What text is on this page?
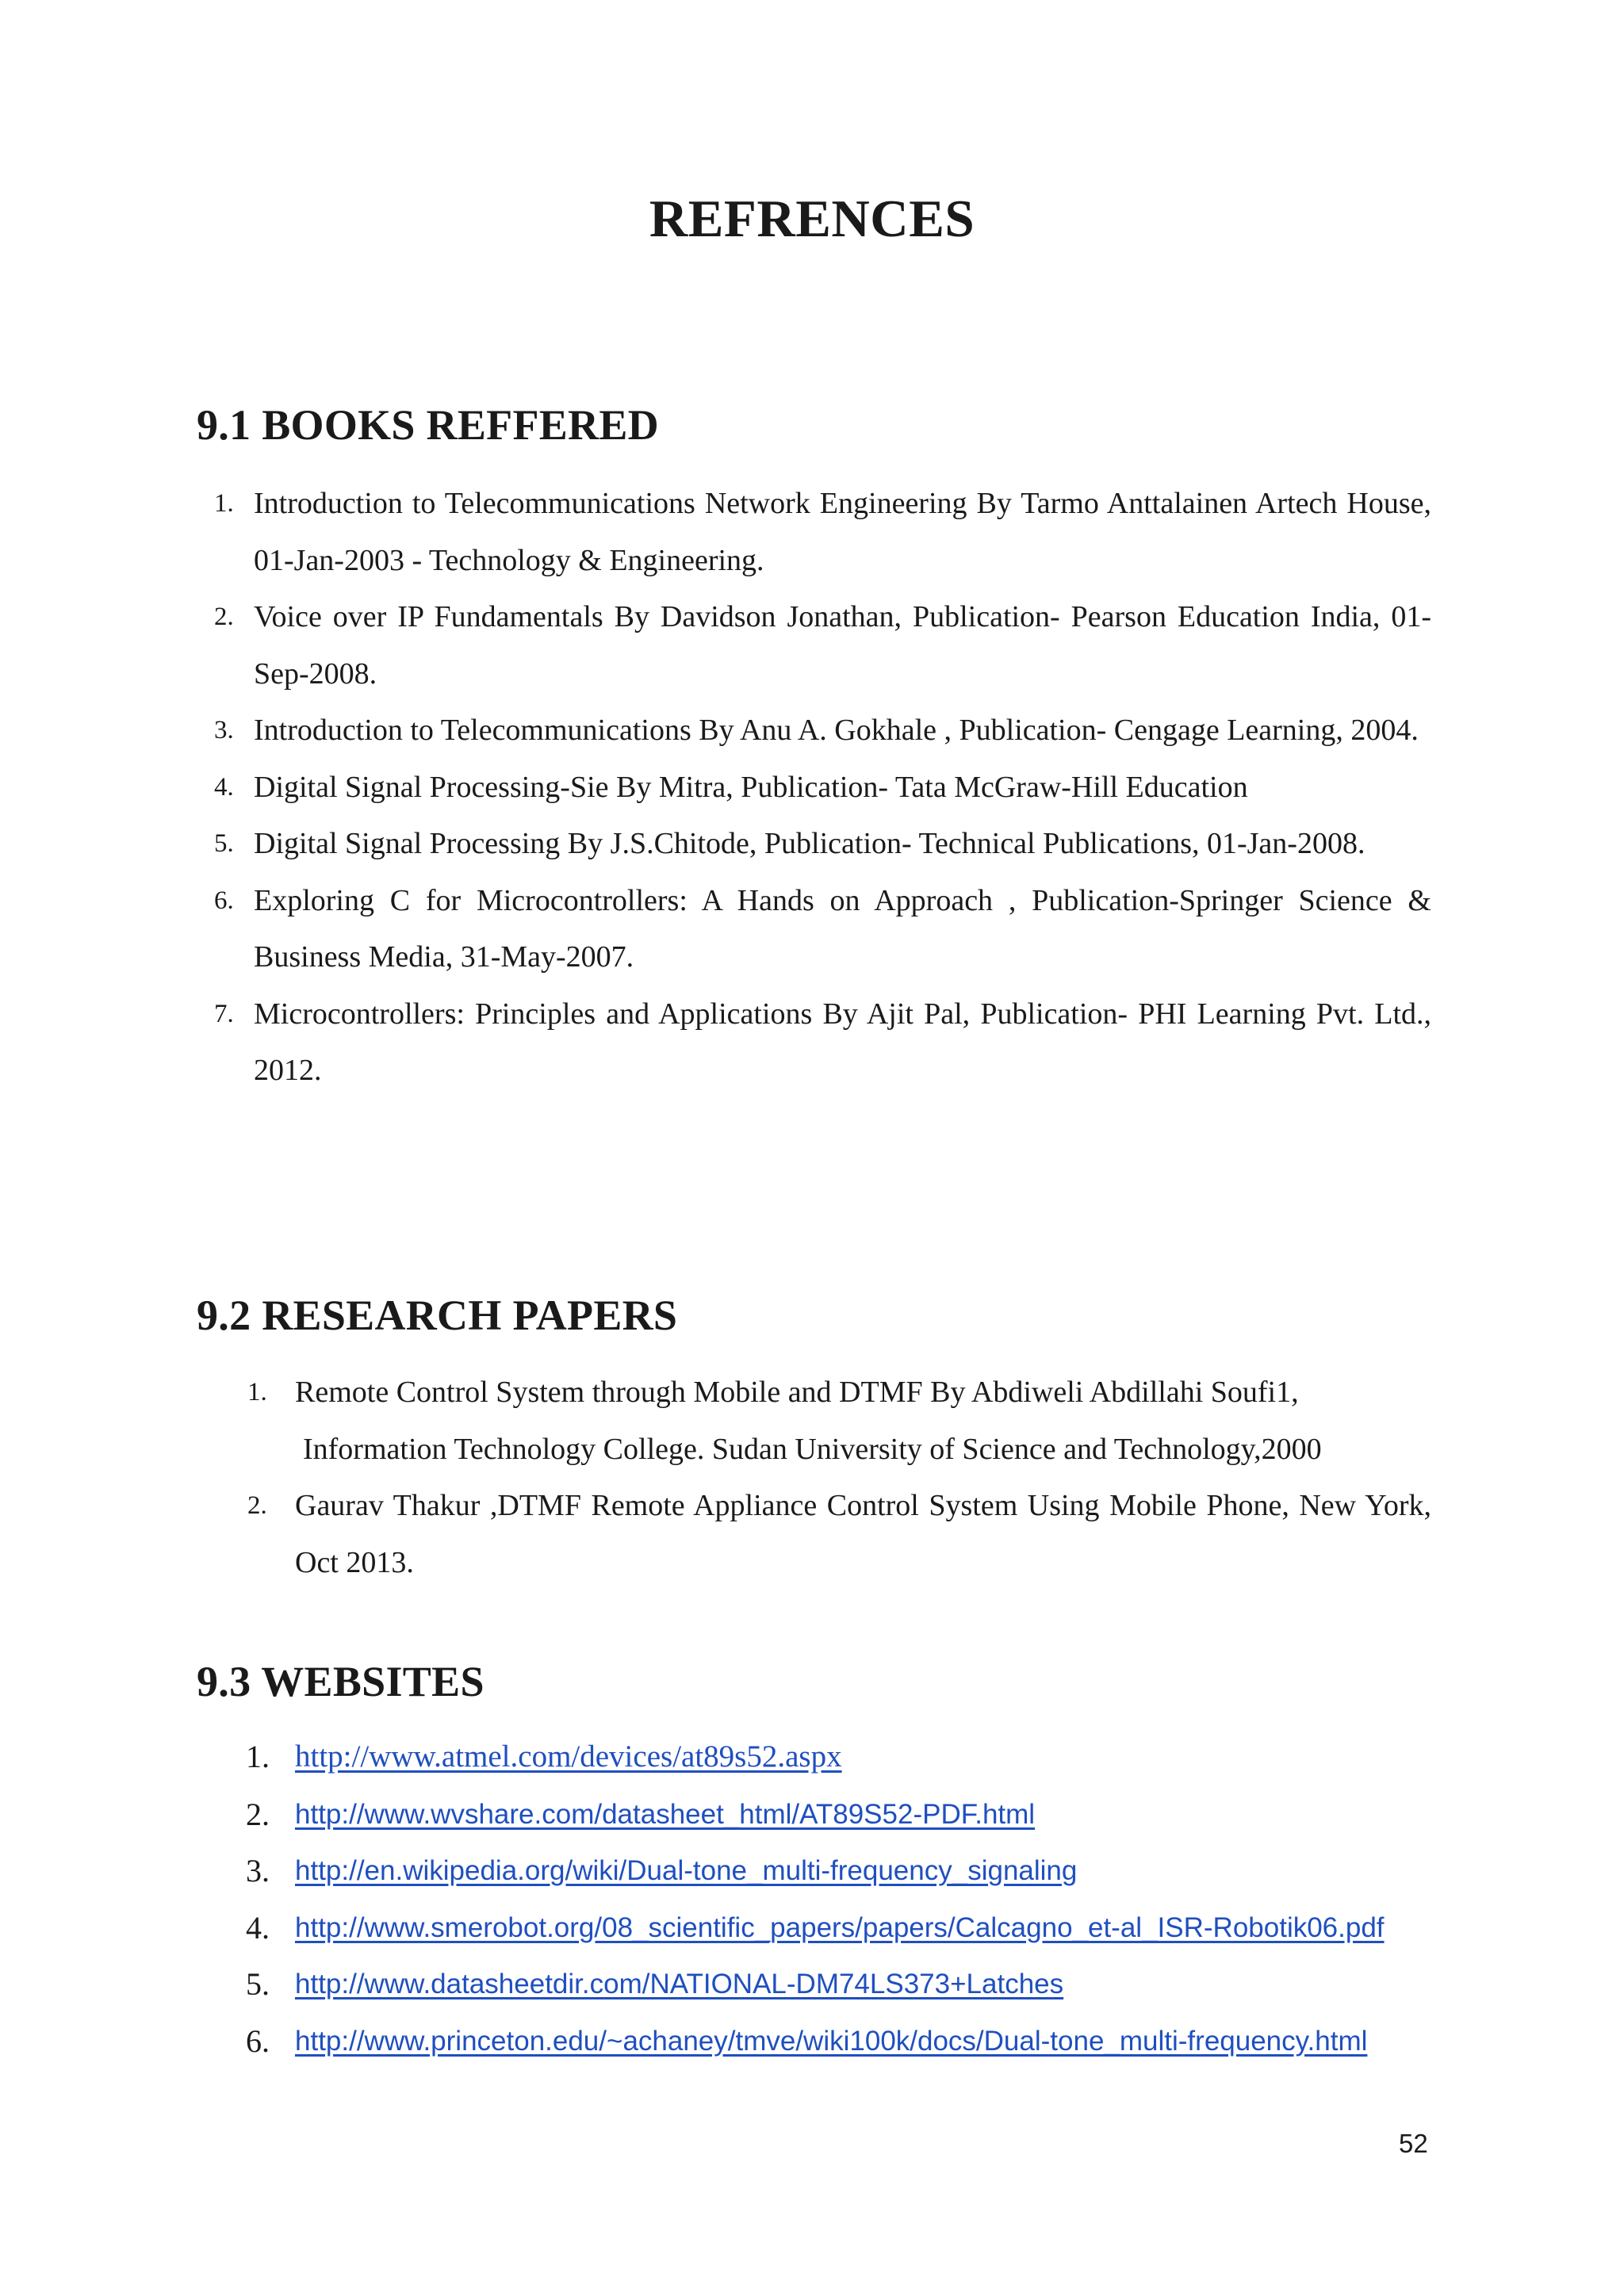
REFRENCES
9.1 BOOKS REFFERED
1. Introduction to Telecommunications Network Engineering By Tarmo Anttalainen Artech House, 01-Jan-2003 - Technology & Engineering.
2. Voice over IP Fundamentals By Davidson Jonathan, Publication- Pearson Education India, 01-Sep-2008.
3. Introduction to Telecommunications By Anu A. Gokhale , Publication- Cengage Learning, 2004.
4. Digital Signal Processing-Sie By Mitra, Publication- Tata McGraw-Hill Education
5. Digital Signal Processing By J.S.Chitode, Publication- Technical Publications, 01-Jan-2008.
6. Exploring C for Microcontrollers: A Hands on Approach , Publication-Springer Science & Business Media, 31-May-2007.
7. Microcontrollers: Principles and Applications By Ajit Pal, Publication- PHI Learning Pvt. Ltd., 2012.
9.2 RESEARCH PAPERS
1. Remote Control System through Mobile and DTMF By Abdiweli Abdillahi Soufi1,
Information Technology College. Sudan University of Science and Technology,2000
2. Gaurav Thakur ,DTMF Remote Appliance Control System Using Mobile Phone, New York, Oct 2013.
9.3 WEBSITES
1. http://www.atmel.com/devices/at89s52.aspx
2. http://www.wvshare.com/datasheet_html/AT89S52-PDF.html
3. http://en.wikipedia.org/wiki/Dual-tone_multi-frequency_signaling
4. http://www.smerobot.org/08_scientific_papers/papers/Calcagno_et-al_ISR-Robotik06.pdf
5. http://www.datasheetdir.com/NATIONAL-DM74LS373+Latches
6. http://www.princeton.edu/~achaney/tmve/wiki100k/docs/Dual-tone_multi-frequency.html

52
